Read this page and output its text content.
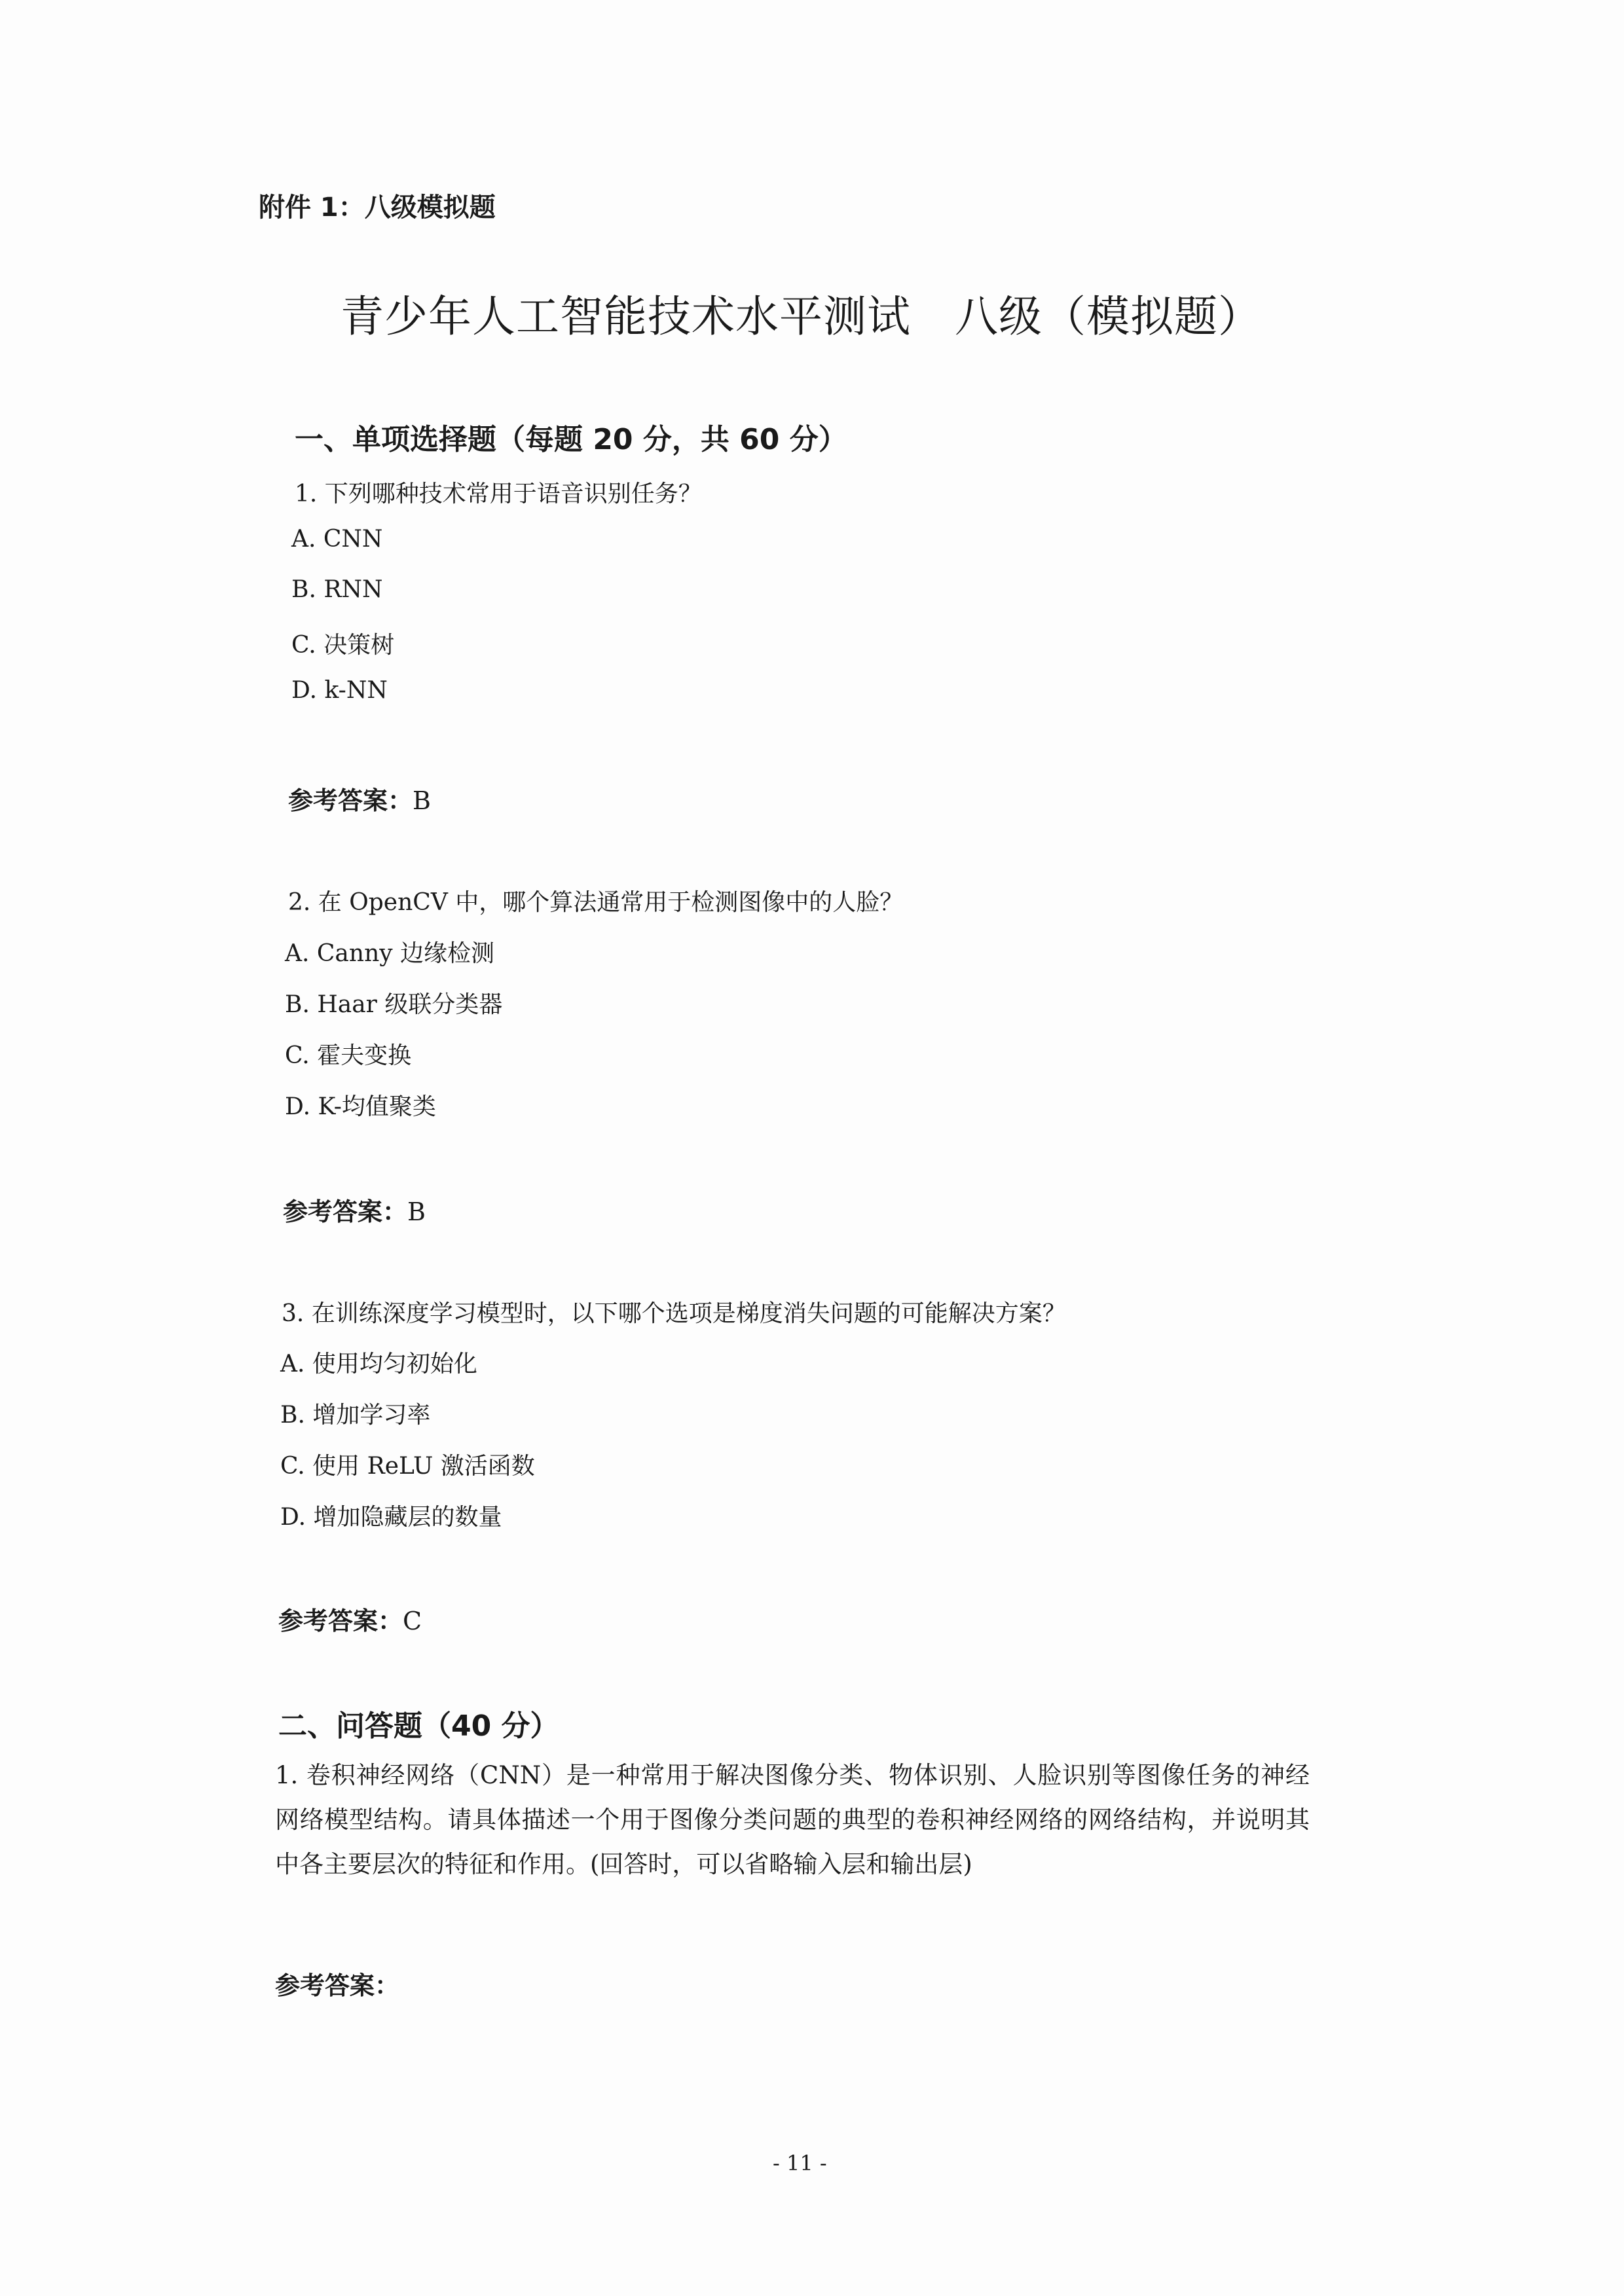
附件 1：八级模拟题
青少年人工智能技术水平测试　八级（模拟题）
一、单项选择题（每题 20 分，共 60 分）
1. 下列哪种技术常用于语音识别任务？
A. CNN
B. RNN
C. 决策树
D. k-NN
参考答案：B
2. 在 OpenCV 中，哪个算法通常用于检测图像中的人脸？
A. Canny 边缘检测
B. Haar 级联分类器
C. 霍夫变换
D. K-均值聚类
参考答案：B
3. 在训练深度学习模型时，以下哪个选项是梯度消失问题的可能解决方案？
A. 使用均匀初始化
B. 增加学习率
C. 使用 ReLU 激活函数
D. 增加隐藏层的数量
参考答案：C
二、问答题（40 分）
1. 卷积神经网络（CNN）是一种常用于解决图像分类、物体识别、人脸识别等图像任务的神经网络模型结构。请具体描述一个用于图像分类问题的典型的卷积神经网络的网络结构，并说明其中各主要层次的特征和作用。(回答时，可以省略输入层和输出层)
参考答案：
- 11 -
